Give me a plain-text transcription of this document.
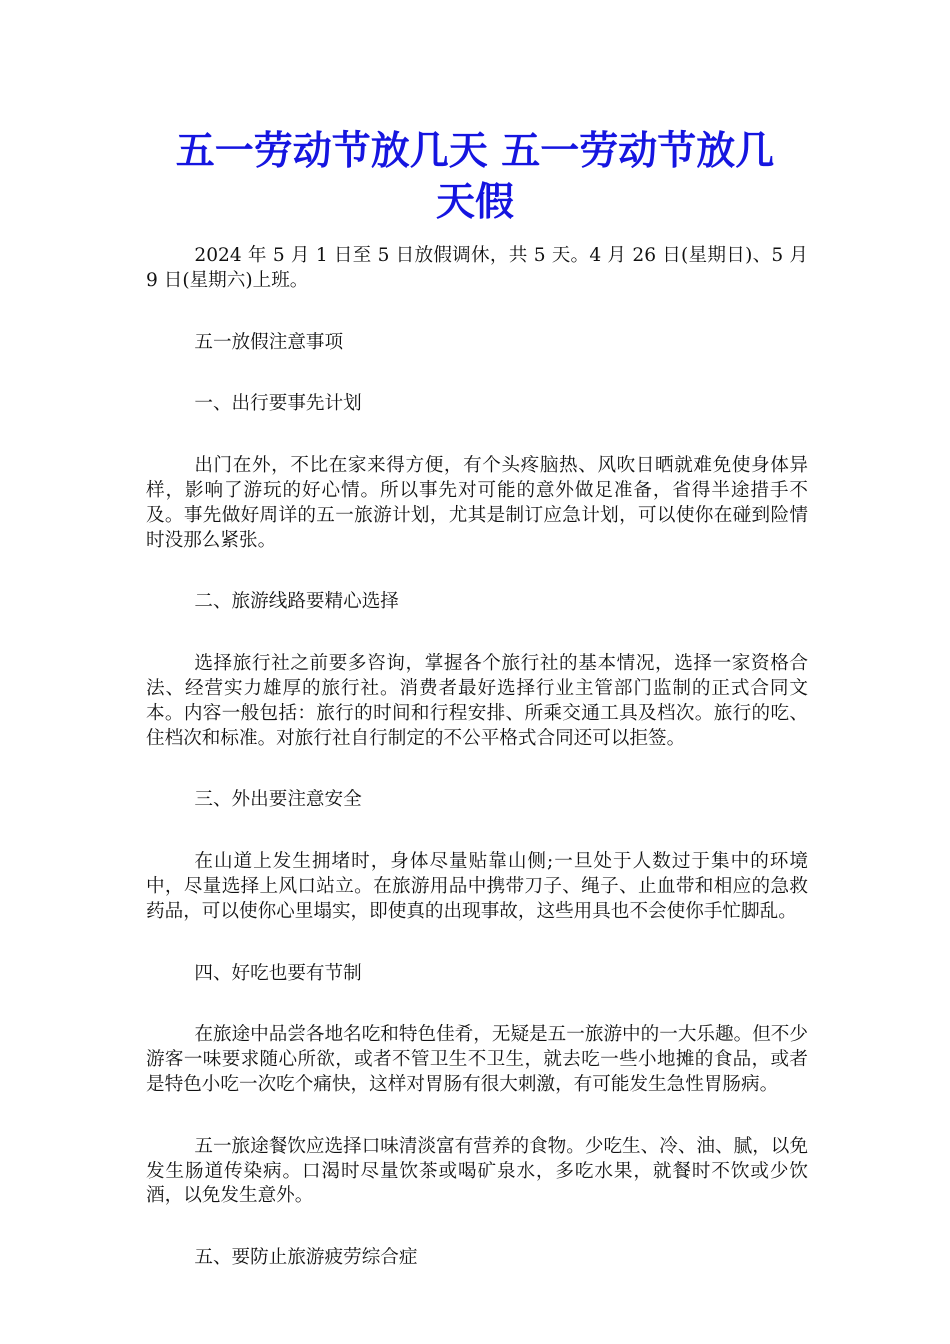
五一劳动节放几天 五一劳动节放几
天假

2024 年 5 月 1 日至 5 日放假调休，共 5 天。4 月 26 日(星期日)、5 月 9 日(星期六)上班。

五一放假注意事项

一、出行要事先计划

出门在外，不比在家来得方便，有个头疼脑热、风吹日晒就难免使身体异样，影响了游玩的好心情。所以事先对可能的意外做足准备，省得半途措手不及。事先做好周详的五一旅游计划，尤其是制订应急计划，可以使你在碰到险情时没那么紧张。

二、旅游线路要精心选择

选择旅行社之前要多咨询，掌握各个旅行社的基本情况，选择一家资格合法、经营实力雄厚的旅行社。消费者最好选择行业主管部门监制的正式合同文本。内容一般包括：旅行的时间和行程安排、所乘交通工具及档次。旅行的吃、住档次和标准。对旅行社自行制定的不公平格式合同还可以拒签。

三、外出要注意安全

在山道上发生拥堵时，身体尽量贴靠山侧;一旦处于人数过于集中的环境中，尽量选择上风口站立。在旅游用品中携带刀子、绳子、止血带和相应的急救药品，可以使你心里塌实，即使真的出现事故，这些用具也不会使你手忙脚乱。

四、好吃也要有节制

在旅途中品尝各地名吃和特色佳肴，无疑是五一旅游中的一大乐趣。但不少游客一味要求随心所欲，或者不管卫生不卫生，就去吃一些小地摊的食品，或者是特色小吃一次吃个痛快，这样对胃肠有很大刺激，有可能发生急性胃肠病。

五一旅途餐饮应选择口味清淡富有营养的食物。少吃生、冷、油、腻，以免发生肠道传染病。口渴时尽量饮茶或喝矿泉水，多吃水果，就餐时不饮或少饮酒，以免发生意外。

五、要防止旅游疲劳综合症
